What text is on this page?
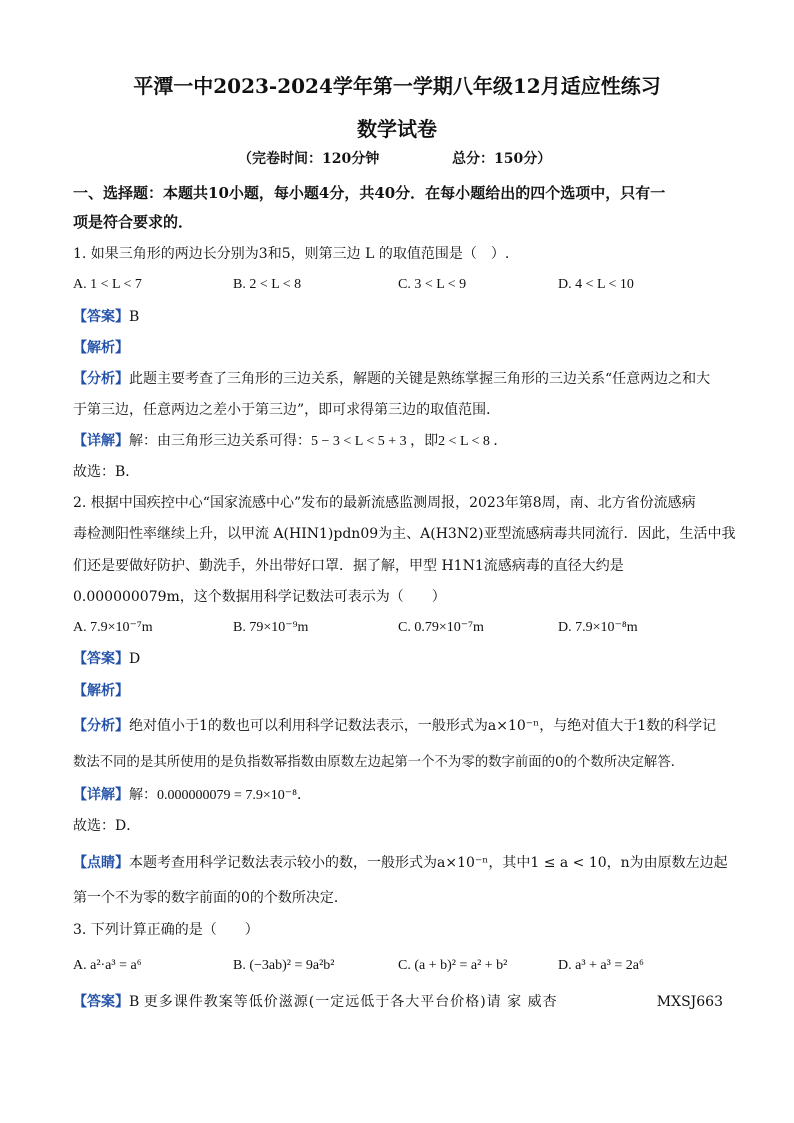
平潭一中2023-2024学年第一学期八年级12月适应性练习
数学试卷
（完卷时间：120分钟	总分：150分）
一、选择题：本题共10小题，每小题4分，共40分．在每小题给出的四个选项中，只有一
项是符合要求的．
1. 如果三角形的两边长分别为3和5，则第三边 L 的取值范围是（　）.
A. 1 < L < 7	B. 2 < L < 8	C. 3 < L < 9	D. 4 < L < 10
【答案】B
【解析】
【分析】此题主要考查了三角形的三边关系，解题的关键是熟练掌握三角形的三边关系“任意两边之和大
于第三边，任意两边之差小于第三边”，即可求得第三边的取值范围．
【详解】解：由三角形三边关系可得：5 − 3 < L < 5 + 3 ，即2 < L < 8 ．
故选：B．
2. 根据中国疾控中心“国家流感中心”发布的最新流感监测周报，2023年第8周，南、北方省份流感病
毒检测阳性率继续上升，以甲流 A(HIN1)pdn09为主、A(H3N2)亚型流感病毒共同流行．因此，生活中我
们还是要做好防护、勤洗手，外出带好口罩．据了解，甲型 H1N1流感病毒的直径大约是
0.000000079m，这个数据用科学记数法可表示为（　　）
A. 7.9×10⁻⁷m	B. 79×10⁻⁹m	C. 0.79×10⁻⁷m	D. 7.9×10⁻⁸m
【答案】D
【解析】
【分析】绝对值小于1的数也可以利用科学记数法表示，一般形式为a×10⁻ⁿ，与绝对值大于1数的科学记
数法不同的是其所使用的是负指数幂指数由原数左边起第一个不为零的数字前面的0的个数所决定解答．
【详解】解：0.000000079 = 7.9×10⁻⁸．
故选：D．
【点睛】本题考查用科学记数法表示较小的数，一般形式为a×10⁻ⁿ，其中1 ≤ a < 10，n为由原数左边起
第一个不为零的数字前面的0的个数所决定．
3. 下列计算正确的是（　　）
A. a²·a³ = a⁶	B. (−3ab)² = 9a²b²	C. (a + b)² = a² + b²	D. a³ + a³ = 2a⁶
【答案】B 更多课件教案等低价滋源(一定远低于各大平台价格)请 家 威杏	MXSJ663
